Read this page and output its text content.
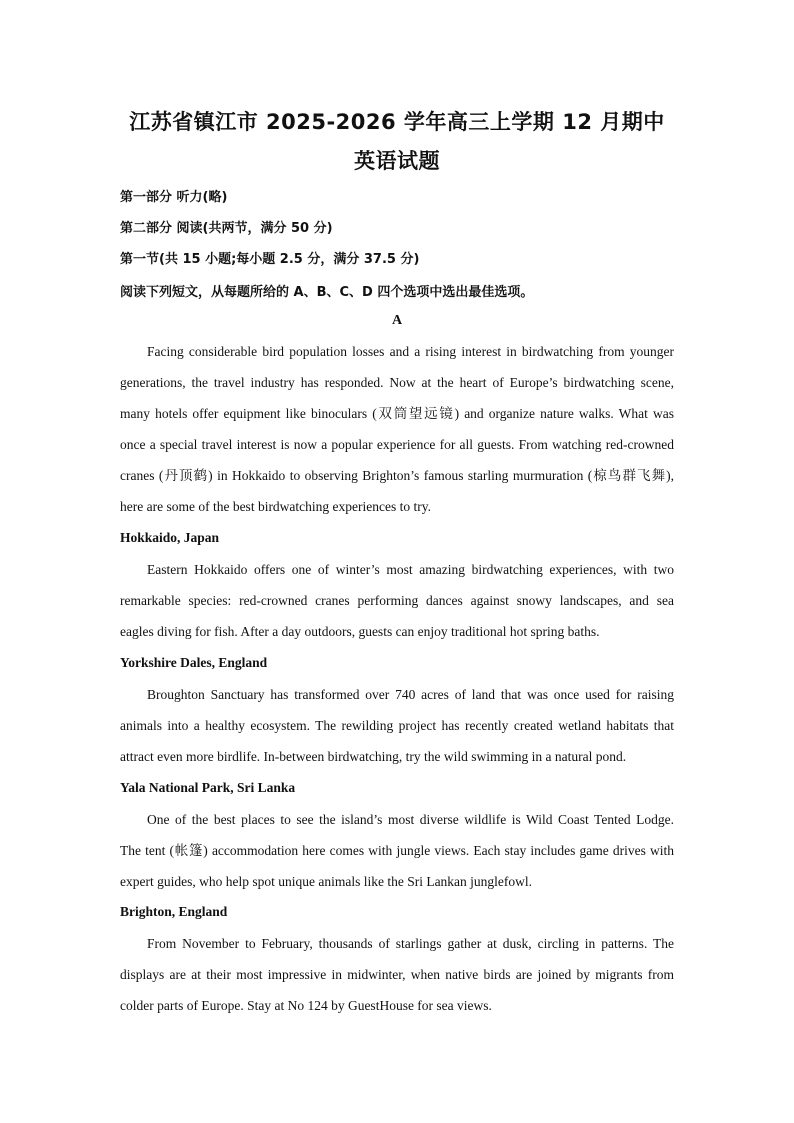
江苏省镇江市 2025-2026 学年高三上学期 12 月期中
英语试题
第一部分 听力(略)
第二部分 阅读(共两节，满分 50 分)
第一节(共 15 小题;每小题 2.5 分，满分 37.5 分)
阅读下列短文，从每题所给的 A、B、C、D 四个选项中选出最佳选项。
A
Facing considerable bird population losses and a rising interest in birdwatching from younger
generations, the travel industry has responded. Now at the heart of Europe’s birdwatching scene,
many hotels offer equipment like binoculars (双筒望远镜) and organize nature walks. What was
once a special travel interest is now a popular experience for all guests. From watching red-crowned
cranes (丹顶鹤) in Hokkaido to observing Brighton’s famous starling murmuration (椋鸟群飞舞),
here are some of the best birdwatching experiences to try.
Hokkaido, Japan
Eastern Hokkaido offers one of winter’s most amazing birdwatching experiences, with two
remarkable species: red-crowned cranes performing dances against snowy landscapes, and sea
eagles diving for fish. After a day outdoors, guests can enjoy traditional hot spring baths.
Yorkshire Dales, England
Broughton Sanctuary has transformed over 740 acres of land that was once used for raising
animals into a healthy ecosystem. The rewilding project has recently created wetland habitats that
attract even more birdlife. In-between birdwatching, try the wild swimming in a natural pond.
Yala National Park, Sri Lanka
One of the best places to see the island’s most diverse wildlife is Wild Coast Tented Lodge.
The tent (帐篷) accommodation here comes with jungle views. Each stay includes game drives with
expert guides, who help spot unique animals like the Sri Lankan junglefowl.
Brighton, England
From November to February, thousands of starlings gather at dusk, circling in patterns. The
displays are at their most impressive in midwinter, when native birds are joined by migrants from
colder parts of Europe. Stay at No 124 by GuestHouse for sea views.
